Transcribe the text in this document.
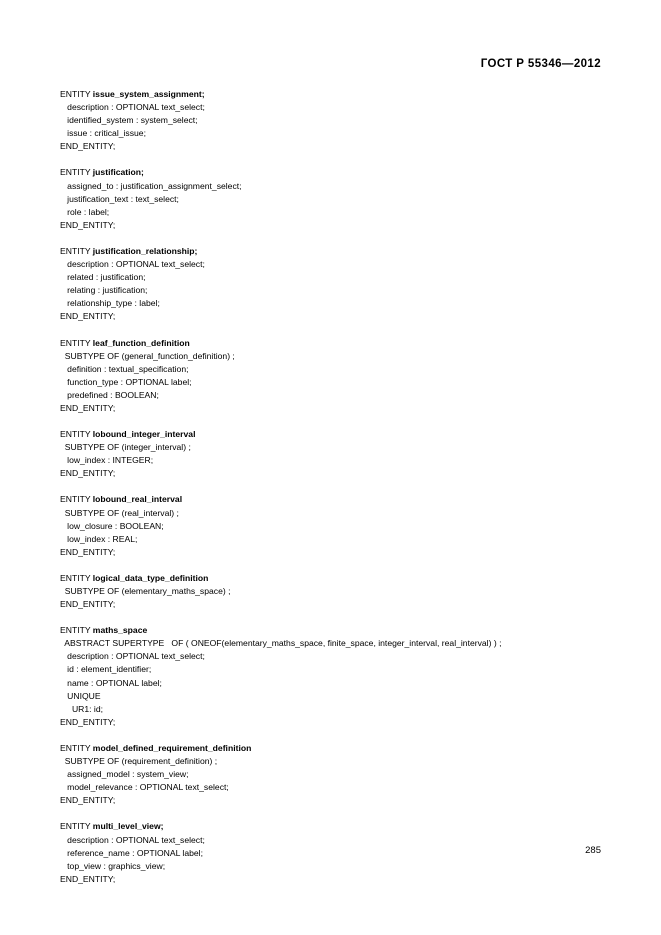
ГОСТ Р 55346—2012
ENTITY issue_system_assignment;
description : OPTIONAL text_select;
identified_system : system_select;
issue : critical_issue;
END_ENTITY;
ENTITY justification;
assigned_to : justification_assignment_select;
justification_text : text_select;
role : label;
END_ENTITY;
ENTITY justification_relationship;
description : OPTIONAL text_select;
related : justification;
relating : justification;
relationship_type : label;
END_ENTITY;
ENTITY leaf_function_definition
SUBTYPE OF (general_function_definition) ;
definition : textual_specification;
function_type : OPTIONAL label;
predefined : BOOLEAN;
END_ENTITY;
ENTITY lobound_integer_interval
SUBTYPE OF (integer_interval) ;
low_index : INTEGER;
END_ENTITY;
ENTITY lobound_real_interval
SUBTYPE OF (real_interval) ;
low_closure : BOOLEAN;
low_index : REAL;
END_ENTITY;
ENTITY logical_data_type_definition
SUBTYPE OF (elementary_maths_space) ;
END_ENTITY;
ENTITY maths_space
ABSTRACT SUPERTYPE   OF ( ONEOF(elementary_maths_space, finite_space, integer_interval, real_interval) ) ;
description : OPTIONAL text_select;
id : element_identifier;
name : OPTIONAL label;
UNIQUE
UR1: id;
END_ENTITY;
ENTITY model_defined_requirement_definition
SUBTYPE OF (requirement_definition) ;
assigned_model : system_view;
model_relevance : OPTIONAL text_select;
END_ENTITY;
ENTITY multi_level_view;
description : OPTIONAL text_select;
reference_name : OPTIONAL label;
top_view : graphics_view;
END_ENTITY;
285
